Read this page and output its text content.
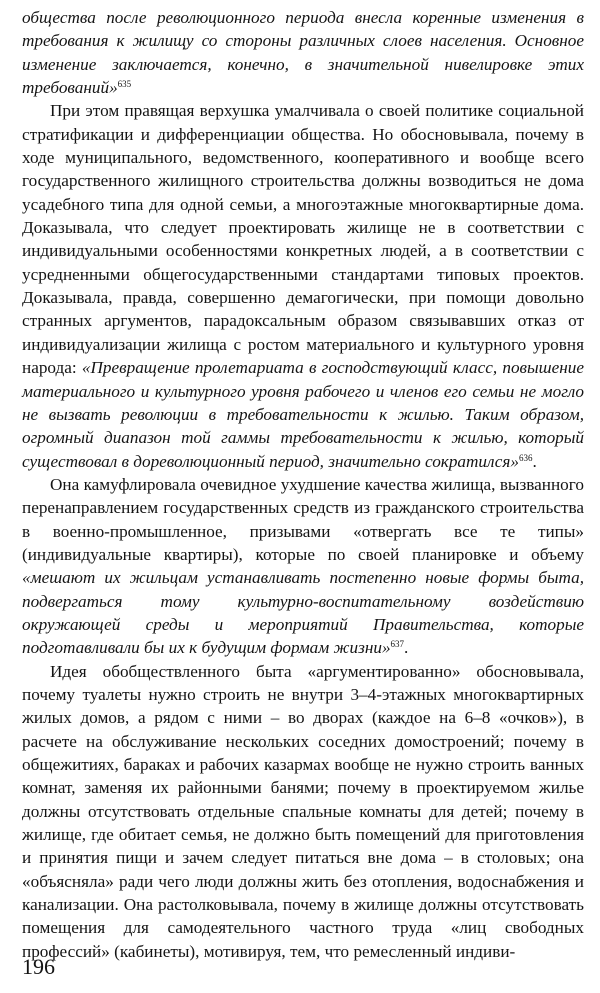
общества после революционного периода внесла коренные изменения в требования к жилищу со стороны различных слоев населения. Основное изменение заключается, конечно, в значительной нивелировке этих требований»$^{635}$

При этом правящая верхушка умалчивала о своей политике социальной стратификации и дифференциации общества. Но обосновывала, почему в ходе муниципального, ведомственного, кооперативного и вообще всего государственного жилищного строительства должны возводиться не дома усадебного типа для одной семьи, а многоэтажные многоквартирные дома. Доказывала, что следует проектировать жилище не в соответствии с индивидуальными особенностями конкретных людей, а в соответствии с усредненными общегосударственными стандартами типовых проектов. Доказывала, правда, совершенно демагогически, при помощи довольно странных аргументов, парадоксальным образом связывавших отказ от индивидуализации жилища с ростом материального и культурного уровня народа: «Превращение пролетариата в господствующий класс, повышение материального и культурного уровня рабочего и членов его семьи не могло не вызвать революции в требовательности к жилью. Таким образом, огромный диапазон той гаммы требовательности к жилью, который существовал в дореволюционный период, значительно сократился»$^{636}$.

Она камуфлировала очевидное ухудшение качества жилища, вызванного перенаправлением государственных средств из гражданского строительства в военно-промышленное, призывами «отвергать все те типы» (индивидуальные квартиры), которые по своей планировке и объему «мешают их жильцам устанавливать постепенно новые формы быта, подвергаться тому культурно-воспитательному воздействию окружающей среды и мероприятий Правительства, которые подготавливали бы их к будущим формам жизни»$^{637}$.

Идея обобществленного быта «аргументированно» обосновывала, почему туалеты нужно строить не внутри 3–4-этажных многоквартирных жилых домов, а рядом с ними – во дворах (каждое на 6–8 «очков»), в расчете на обслуживание нескольких соседних домостроений; почему в общежитиях, бараках и рабочих казармах вообще не нужно строить ванных комнат, заменяя их районными банями; почему в проектируемом жилье должны отсутствовать отдельные спальные комнаты для детей; почему в жилище, где обитает семья, не должно быть помещений для приготовления и принятия пищи и зачем следует питаться вне дома – в столовых; она «объясняла» ради чего люди должны жить без отопления, водоснабжения и канализации. Она растолковывала, почему в жилище должны отсутствовать помещения для самодеятельного частного труда «лиц свободных профессий» (кабинеты), мотивируя, тем, что ремесленный индиви-

196
